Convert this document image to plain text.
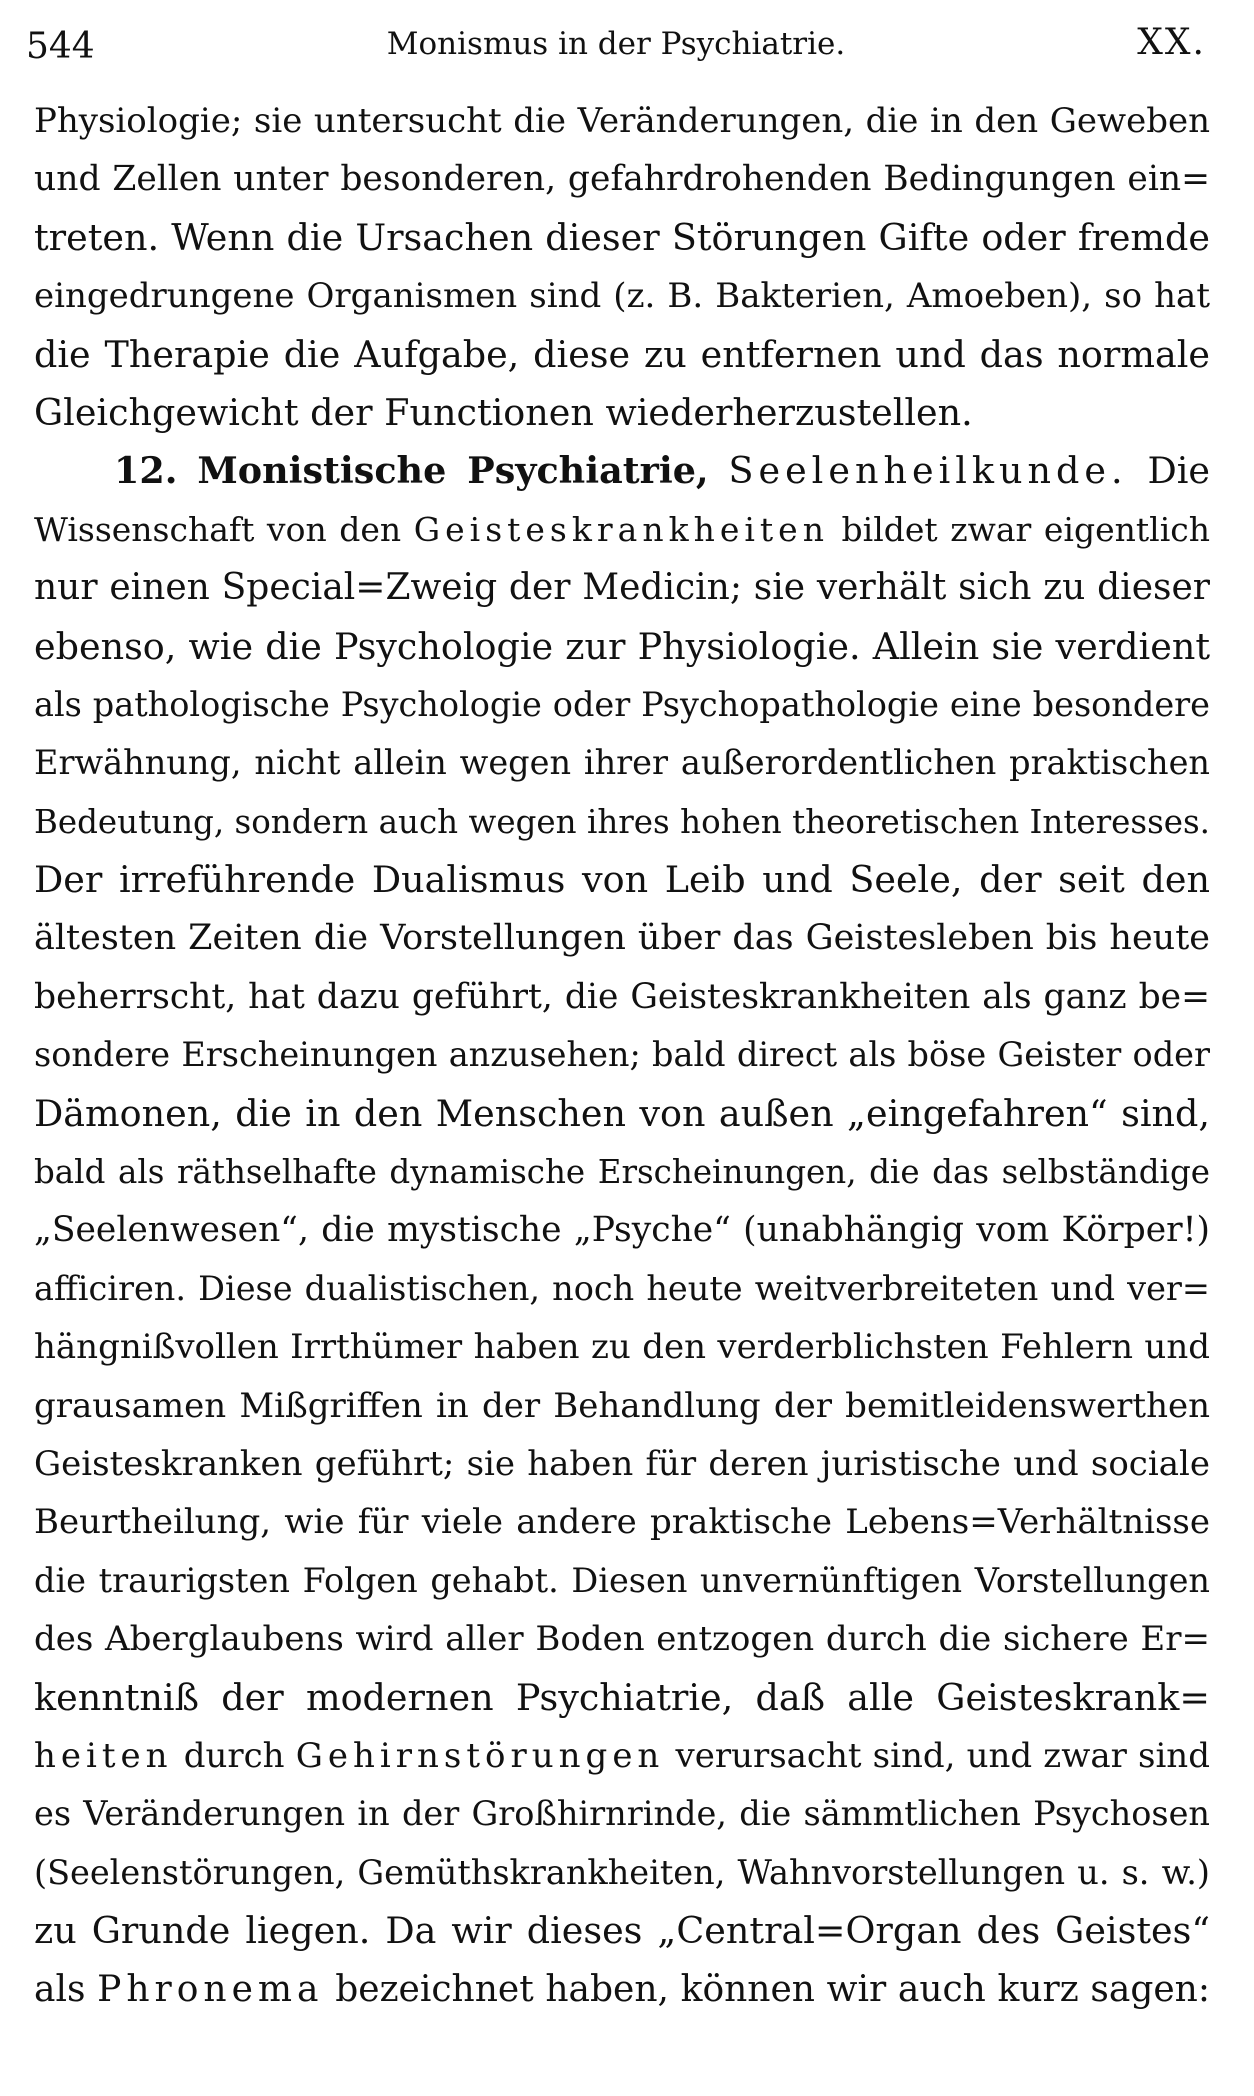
544	Monismus in der Psychiatrie.	XX.
Physiologie; sie untersucht die Veränderungen, die in den Geweben
und Zellen unter besonderen, gefahrdrohenden Bedingungen ein=
treten. Wenn die Ursachen dieser Störungen Gifte oder fremde
eingedrungene Organismen sind (z. B. Bakterien, Amoeben), so hat
die Therapie die Aufgabe, diese zu entfernen und das normale
Gleichgewicht der Functionen wiederherzustellen.
12. Monistische Psychiatrie, Seelenheilkunde. Die
Wissenschaft von den Geisteskrankheiten bildet zwar eigentlich
nur einen Special=Zweig der Medicin; sie verhält sich zu dieser
ebenso, wie die Psychologie zur Physiologie. Allein sie verdient
als pathologische Psychologie oder Psychopathologie eine besondere
Erwähnung, nicht allein wegen ihrer außerordentlichen praktischen
Bedeutung, sondern auch wegen ihres hohen theoretischen Interesses.
Der irreführende Dualismus von Leib und Seele, der seit den
ältesten Zeiten die Vorstellungen über das Geistesleben bis heute
beherrscht, hat dazu geführt, die Geisteskrankheiten als ganz be=
sondere Erscheinungen anzusehen; bald direct als böse Geister oder
Dämonen, die in den Menschen von außen „eingefahren“ sind,
bald als räthselhafte dynamische Erscheinungen, die das selbständige
„Seelenwesen“, die mystische „Psyche“ (unabhängig vom Körper!)
afficiren. Diese dualistischen, noch heute weitverbreiteten und ver=
hängnißvollen Irrthümer haben zu den verderblichsten Fehlern und
grausamen Mißgriffen in der Behandlung der bemitleidenswerthen
Geisteskranken geführt; sie haben für deren juristische und sociale
Beurtheilung, wie für viele andere praktische Lebens=Verhältnisse
die traurigsten Folgen gehabt. Diesen unvernünftigen Vorstellungen
des Aberglaubens wird aller Boden entzogen durch die sichere Er=
kenntniß der modernen Psychiatrie, daß alle Geisteskrank=
heiten durch Gehirnstörungen verursacht sind, und zwar sind
es Veränderungen in der Großhirnrinde, die sämmtlichen Psychosen
(Seelenstörungen, Gemüthskrankheiten, Wahnvorstellungen u. s. w.)
zu Grunde liegen. Da wir dieses „Central=Organ des Geistes“
als Phronema bezeichnet haben, können wir auch kurz sagen:
